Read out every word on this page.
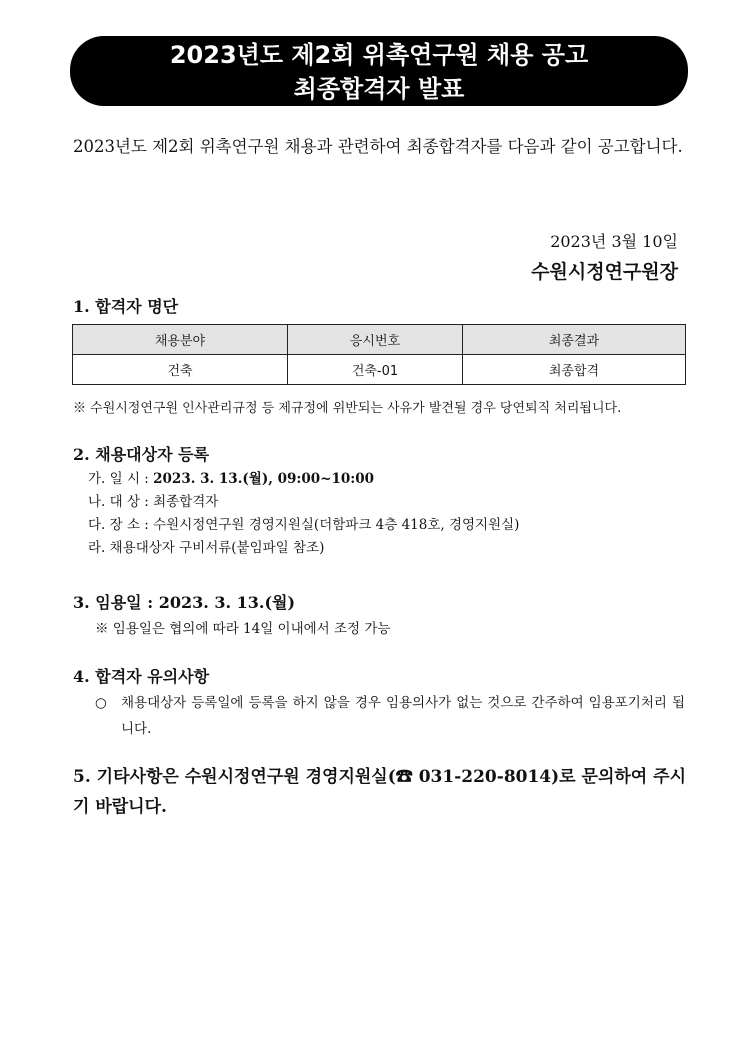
2023년도 제2회 위촉연구원 채용 공고
최종합격자 발표
2023년도 제2회 위촉연구원 채용과 관련하여 최종합격자를 다음과 같이 공고합니다.
2023년 3월 10일
수원시정연구원장
1. 합격자 명단
채용분야	응시번호	최종결과
건축	건축-01	최종합격
※ 수원시정연구원 인사관리규정 등 제규정에 위반되는 사유가 발견될 경우 당연퇴직 처리됩니다.
2. 채용대상자 등록
가. 일 시 : 2023. 3. 13.(월), 09:00~10:00
나. 대 상 : 최종합격자
다. 장 소 : 수원시정연구원 경영지원실(더함파크 4층 418호, 경영지원실)
라. 채용대상자 구비서류(붙임파일 참조)
3. 임용일 : 2023. 3. 13.(월)
※ 임용일은 협의에 따라 14일 이내에서 조정 가능
4. 합격자 유의사항
○ 채용대상자 등록일에 등록을 하지 않을 경우 임용의사가 없는 것으로 간주하여 임용포기처리 됩니다.
5. 기타사항은 수원시정연구원 경영지원실(☎ 031-220-8014)로 문의하여 주시기 바랍니다.
